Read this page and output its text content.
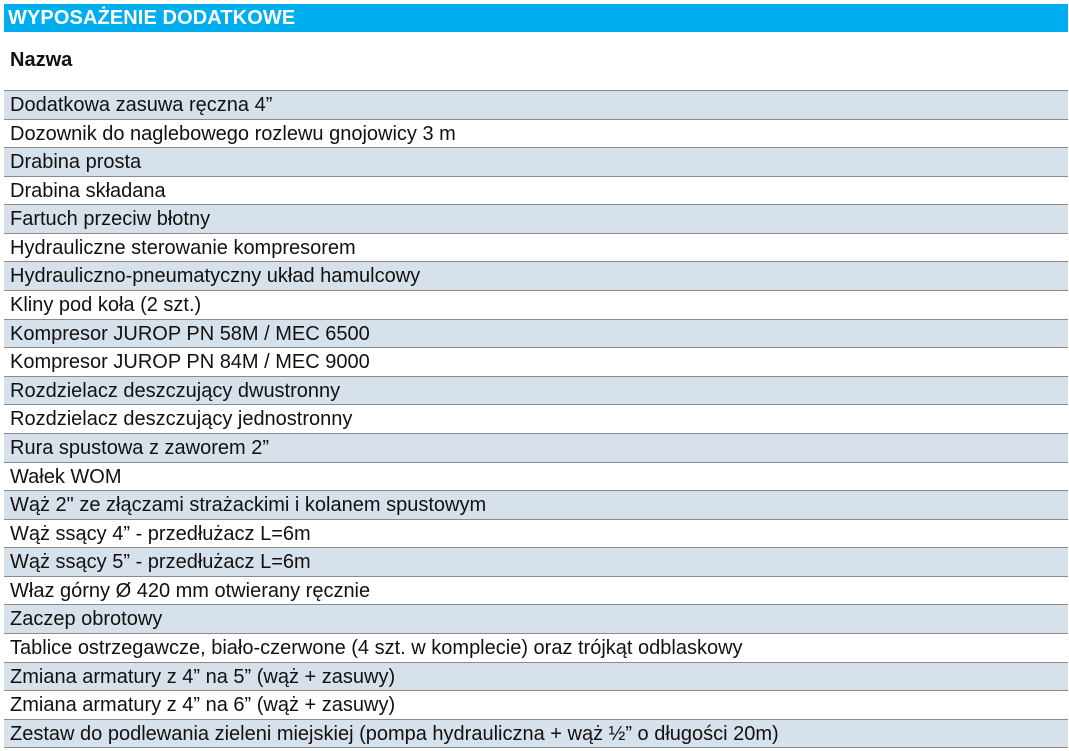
WYPOSAŻENIE DODATKOWE
Nazwa
Dodatkowa zasuwa ręczna 4”
Dozownik do naglebowego rozlewu gnojowicy 3 m
Drabina prosta
Drabina składana
Fartuch przeciw błotny
Hydrauliczne sterowanie kompresorem
Hydrauliczno-pneumatyczny układ hamulcowy
Kliny pod koła (2 szt.)
Kompresor JUROP PN 58M / MEC 6500
Kompresor JUROP PN 84M / MEC 9000
Rozdzielacz deszczujący dwustronny
Rozdzielacz deszczujący jednostronny
Rura spustowa z zaworem 2”
Wałek WOM
Wąż 2" ze złączami strażackimi i kolanem spustowym
Wąż ssący 4” - przedłużacz L=6m
Wąż ssący 5” - przedłużacz L=6m
Właz górny Ø 420 mm otwierany ręcznie
Zaczep obrotowy
Tablice ostrzegawcze, biało-czerwone (4 szt. w komplecie) oraz trójkąt odblaskowy
Zmiana armatury z 4” na 5” (wąż + zasuwy)
Zmiana armatury z 4” na 6” (wąż + zasuwy)
Zestaw do podlewania zieleni miejskiej (pompa hydrauliczna + wąż ½” o długości 20m)
